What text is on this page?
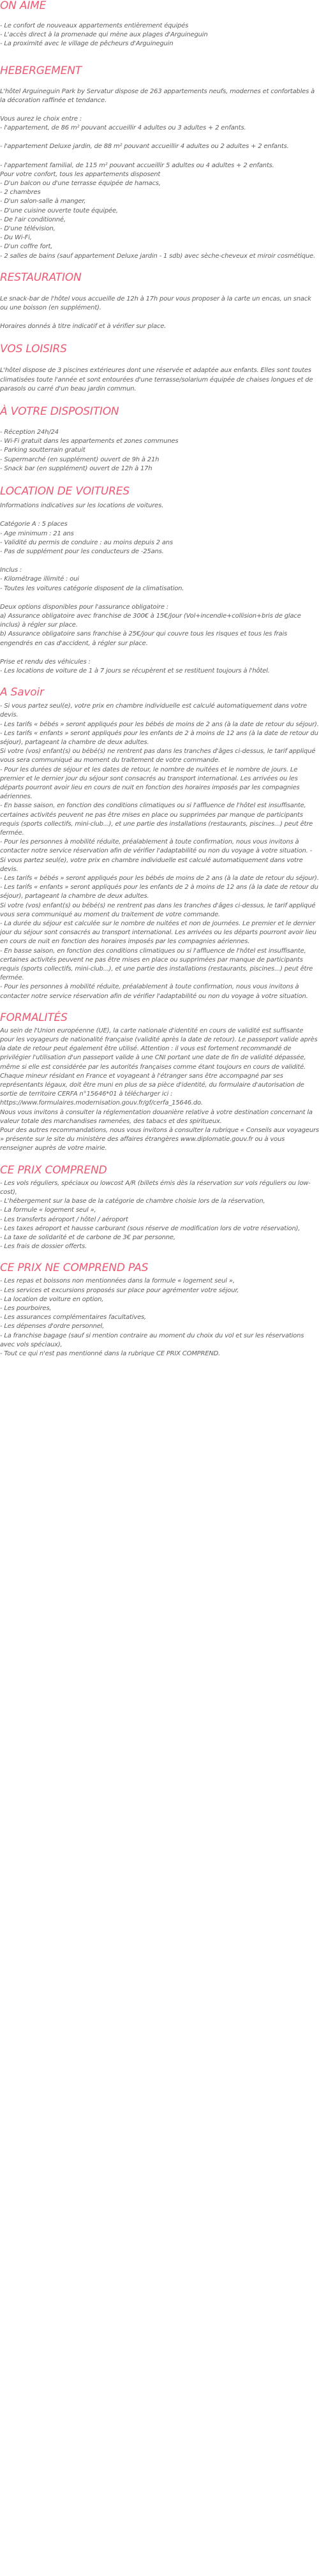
ON AIME

- Le confort de nouveaux appartements entièrement équipés
- L'accès direct à la promenade qui mène aux plages d'Arguineguin
- La proximité avec le village de pêcheurs d'Arguineguin

HEBERGEMENT

L'hôtel Arguineguin Park by Servatur dispose de 263 appartements neufs, modernes et confortables à la décoration raffinée et tendance.

Vous aurez le choix entre :
- l'appartement, de 86 m² pouvant accueillir 4 adultes ou 3 adultes + 2 enfants.

- l'appartement Deluxe jardin, de 88 m² pouvant accueillir 4 adultes ou 2 adultes + 2 enfants.

- l'appartement familial, de 115 m² pouvant accueillir 5 adultes ou 4 adultes + 2 enfants.
Pour votre confort, tous les appartements disposent
- D'un balcon ou d'une terrasse équipée de hamacs,
- 2 chambres
- D'un salon-salle à manger,
- D'une cuisine ouverte toute équipée,
- De l'air conditionné,
- D'une télévision,
- Du Wi-Fi,
- D'un coffre fort,
- 2 salles de bains (sauf appartement Deluxe jardin - 1 sdb) avec sèche-cheveux et miroir cosmétique.

RESTAURATION

Le snack-bar de l'hôtel vous accueille de 12h à 17h pour vous proposer à la carte un encas, un snack ou une boisson (en supplément).

Horaires donnés à titre indicatif et à vérifier sur place.

VOS LOISIRS

L'hôtel dispose de 3 piscines extérieures dont une réservée et adaptée aux enfants. Elles sont toutes climatisées toute l'année et sont entourées d'une terrasse/solarium équipée de chaises longues et de parasols ou carré d'un beau jardin commun.

À VOTRE DISPOSITION

- Réception 24h/24
- Wi-Fi gratuit dans les appartements et zones communes
- Parking soutterrain gratuit
- Supermarché (en supplément) ouvert de 9h à 21h
- Snack bar (en supplément) ouvert de 12h à 17h

LOCATION DE VOITURES

Informations indicatives sur les locations de voitures.

Catégorie A : 5 places
- Age minimum : 21 ans
- Validité du permis de conduire : au moins depuis 2 ans
- Pas de supplément pour les conducteurs de -25ans.

Inclus :
- Kilométrage illimité : oui
- Toutes les voitures catégorie disposent de la climatisation.

Deux options disponibles pour l'assurance obligatoire :
a) Assurance obligatoire avec franchise de 300€ à 15€/jour (Vol+incendie+collision+bris de glace inclus) à régler sur place.
b) Assurance obligatoire sans franchise à 25€/jour qui couvre tous les risques et tous les frais engendrés en cas d'accident, à régler sur place.

Prise et rendu des véhicules :
- Les locations de voiture de 1 à 7 jours se récupèrent et se restituent toujours à l'hôtel.

A Savoir

- Si vous partez seul(e), votre prix en chambre individuelle est calculé automatiquement dans votre devis.
- Les tarifs « bébés » seront appliqués pour les bébés de moins de 2 ans (à la date de retour du séjour).
- Les tarifs « enfants » seront appliqués pour les enfants de 2 à moins de 12 ans (à la date de retour du séjour), partageant la chambre de deux adultes.
Si votre (vos) enfant(s) ou bébé(s) ne rentrent pas dans les tranches d'âges ci-dessus, le tarif appliqué vous sera communiqué au moment du traitement de votre commande.
- Pour les durées de séjour et les dates de retour, le nombre de nuitées et le nombre de jours. Le premier et le dernier jour du séjour sont consacrés au transport international. Les arrivées ou les départs pourront avoir lieu en cours de nuit en fonction des horaires imposés par les compagnies aériennes.
- En basse saison, en fonction des conditions climatiques ou si l'affluence de l'hôtel est insuffisante, certaines activités peuvent ne pas être mises en place ou supprimées par manque de participants requis (sports collectifs, mini-club...), et une partie des installations (restaurants, piscines...) peut être fermée.
- Pour les personnes à mobilité réduite, préalablement à toute confirmation, nous vous invitons à contacter notre service réservation afin de vérifier l'adaptabilité ou non du voyage à votre situation. - Si vous partez seul(e), votre prix en chambre individuelle est calculé automatiquement dans votre devis.
- Les tarifs « bébés » seront appliqués pour les bébés de moins de 2 ans (à la date de retour du séjour).
- Les tarifs « enfants » seront appliqués pour les enfants de 2 à moins de 12 ans (à la date de retour du séjour), partageant la chambre de deux adultes.
Si votre (vos) enfant(s) ou bébé(s) ne rentrent pas dans les tranches d'âges ci-dessus, le tarif appliqué vous sera communiqué au moment du traitement de votre commande.
- La durée du séjour est calculée sur le nombre de nuitées et non de journées. Le premier et le dernier jour du séjour sont consacrés au transport international. Les arrivées ou les départs pourront avoir lieu en cours de nuit en fonction des horaires imposés par les compagnies aériennes.
- En basse saison, en fonction des conditions climatiques ou si l'affluence de l'hôtel est insuffisante, certaines activités peuvent ne pas être mises en place ou supprimées par manque de participants requis (sports collectifs, mini-club...), et une partie des installations (restaurants, piscines...) peut être fermée.
- Pour les personnes à mobilité réduite, préalablement à toute confirmation, nous vous invitons à contacter notre service réservation afin de vérifier l'adaptabilité ou non du voyage à votre situation.

FORMALITÉS

Au sein de l'Union européenne (UE), la carte nationale d'identité en cours de validité est suffisante pour les voyageurs de nationalité française (validité après la date de retour). Le passeport valide après la date de retour peut également être utilisé. Attention : il vous est fortement recommandé de privilégier l'utilisation d'un passeport valide à une CNI portant une date de fin de validité dépassée, même si elle est considérée par les autorités françaises comme étant toujours en cours de validité.
Chaque mineur résidant en France et voyageant à l'étranger sans être accompagné par ses représentants légaux, doit être muni en plus de sa pièce d'identité, du formulaire d'autorisation de sortie de territoire CERFA n°15646*01 à télécharger ici : https://www.formulaires.modernisation.gouv.fr/gf/cerfa_15646.do.
Nous vous invitons à consulter la réglementation douanière relative à votre destination concernant la valeur totale des marchandises ramenées, des tabacs et des spiritueux.
Pour des autres recommandations, nous vous invitons à consulter la rubrique « Conseils aux voyageurs » présente sur le site du ministère des affaires étrangères www.diplomatie.gouv.fr ou à vous renseigner auprès de votre mairie.

CE PRIX COMPREND

- Les vols réguliers, spéciaux ou lowcost A/R (billets émis dès la réservation sur vols réguliers ou low-cost),
- L'hébergement sur la base de la catégorie de chambre choisie lors de la réservation,
- La formule « logement seul »,
- Les transferts aéroport / hôtel / aéroport
- Les taxes aéroport et hausse carburant (sous réserve de modification lors de votre réservation),
- La taxe de solidarité et de carbone de 3€ par personne,
- Les frais de dossier offerts.

CE PRIX NE COMPREND PAS

- Les repas et boissons non mentionnées dans la formule « logement seul »,
- Les services et excursions proposés sur place pour agrémenter votre séjour,
- La location de voiture en option,
- Les pourboires,
- Les assurances complémentaires facultatives,
- Les dépenses d'ordre personnel,
- La franchise bagage (sauf si mention contraire au moment du choix du vol et sur les réservations avec vols spéciaux),
- Tout ce qui n'est pas mentionné dans la rubrique CE PRIX COMPREND.
